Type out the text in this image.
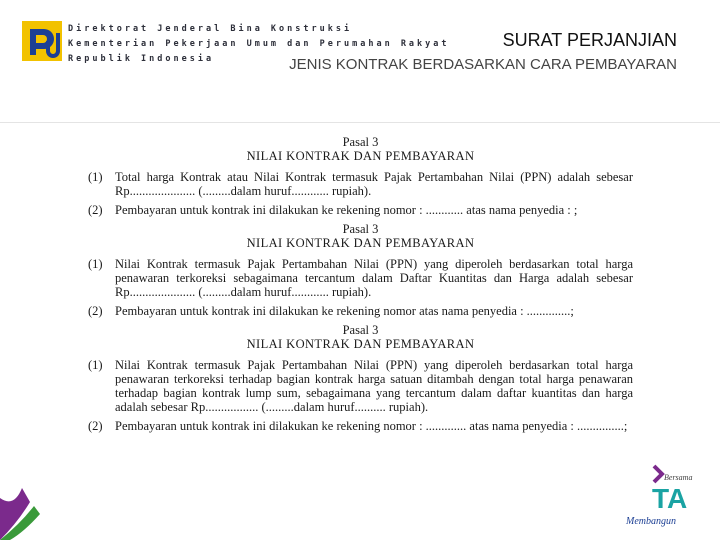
Direktorat Jenderal Bina Konstruksi
Kementerian Pekerjaan Umum dan Perumahan Rakyat
Republik Indonesia
SURAT PERJANJIAN
JENIS KONTRAK BERDASARKAN CARA PEMBAYARAN
Pasal 3
NILAI KONTRAK DAN PEMBAYARAN
(1) Total harga Kontrak atau Nilai Kontrak termasuk Pajak Pertambahan Nilai (PPN) adalah sebesar Rp..................... (.........dalam huruf............ rupiah).
(2) Pembayaran untuk kontrak ini dilakukan ke rekening nomor : ............ atas nama penyedia : ;
Pasal 3
NILAI KONTRAK DAN PEMBAYARAN
(1) Nilai Kontrak termasuk Pajak Pertambahan Nilai (PPN) yang diperoleh berdasarkan total harga penawaran terkoreksi sebagaimana tercantum dalam Daftar Kuantitas dan Harga adalah sebesar Rp..................... (.........dalam huruf............ rupiah).
(2) Pembayaran untuk kontrak ini dilakukan ke rekening nomor atas nama penyedia : ..............;
Pasal 3
NILAI KONTRAK DAN PEMBAYARAN
(1) Nilai Kontrak termasuk Pajak Pertambahan Nilai (PPN) yang diperoleh berdasarkan total harga penawaran terkoreksi terhadap bagian kontrak harga satuan ditambah dengan total harga penawaran terhadap bagian kontrak lump sum, sebagaimana yang tercantum dalam daftar kuantitas dan harga adalah sebesar Rp................. (.........dalam huruf.......... rupiah).
(2) Pembayaran untuk kontrak ini dilakukan ke rekening nomor : ............. atas nama penyedia : ...............;
Bersama
TA
Membangun
